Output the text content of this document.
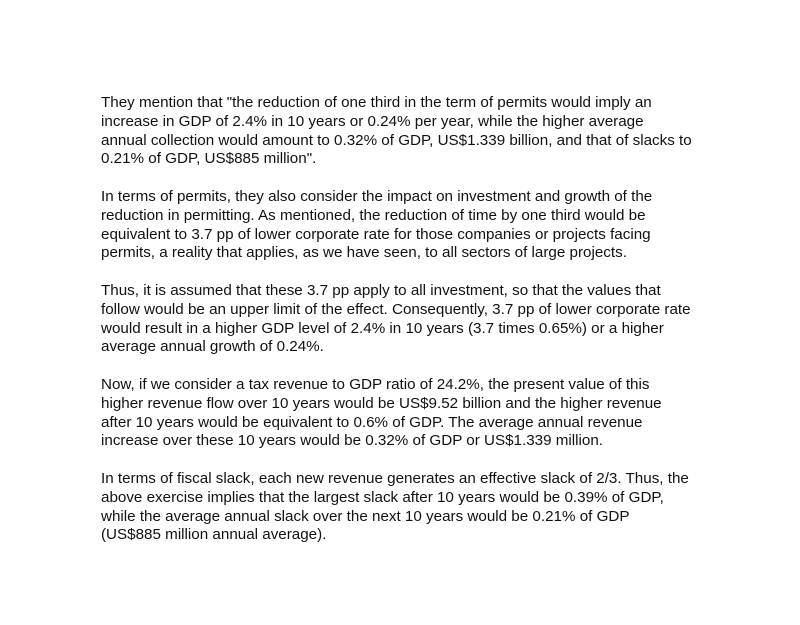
They mention that "the reduction of one third in the term of permits would imply an
increase in GDP of 2.4% in 10 years or 0.24% per year, while the higher average
annual collection would amount to 0.32% of GDP, US$1.339 billion, and that of slacks to
0.21% of GDP, US$885 million".

In terms of permits, they also consider the impact on investment and growth of the
reduction in permitting. As mentioned, the reduction of time by one third would be
equivalent to 3.7 pp of lower corporate rate for those companies or projects facing
permits, a reality that applies, as we have seen, to all sectors of large projects.

Thus, it is assumed that these 3.7 pp apply to all investment, so that the values that
follow would be an upper limit of the effect. Consequently, 3.7 pp of lower corporate rate
would result in a higher GDP level of 2.4% in 10 years (3.7 times 0.65%) or a higher
average annual growth of 0.24%.

Now, if we consider a tax revenue to GDP ratio of 24.2%, the present value of this
higher revenue flow over 10 years would be US$9.52 billion and the higher revenue
after 10 years would be equivalent to 0.6% of GDP. The average annual revenue
increase over these 10 years would be 0.32% of GDP or US$1.339 million.

In terms of fiscal slack, each new revenue generates an effective slack of 2/3. Thus, the
above exercise implies that the largest slack after 10 years would be 0.39% of GDP,
while the average annual slack over the next 10 years would be 0.21% of GDP
(US$885 million annual average).
